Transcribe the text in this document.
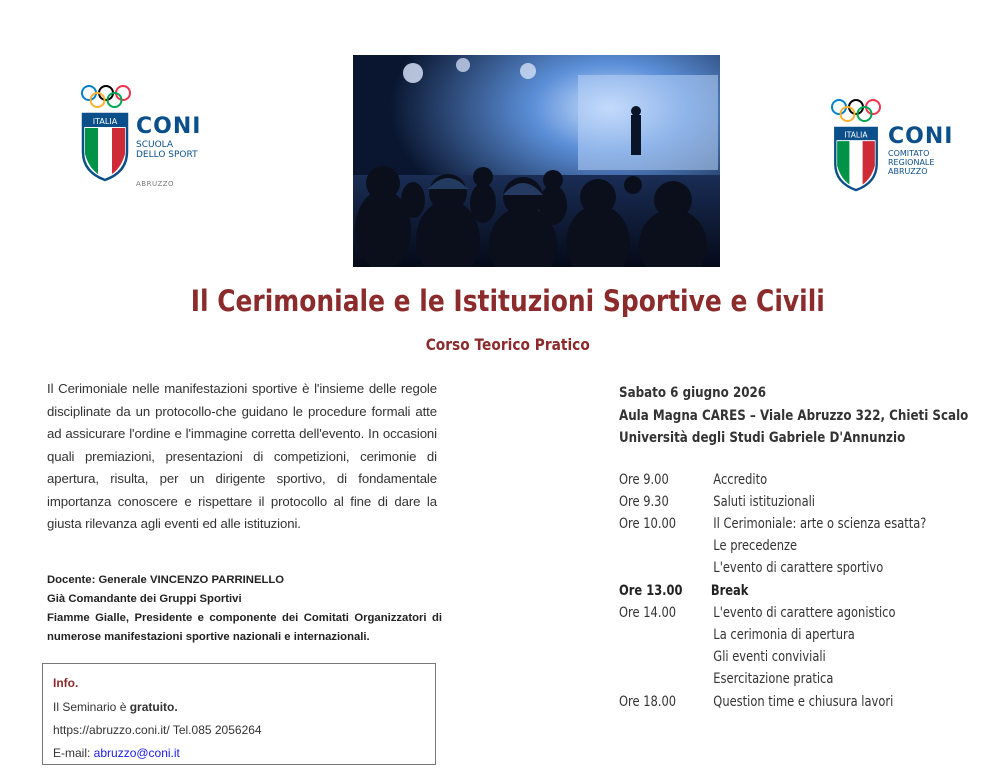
ITALIA CONI
SCUOLA
DELLO SPORT
ABRUZZO
ITALIA CONI
COMITATO
REGIONALE
ABRUZZO
Il Cerimoniale e le Istituzioni Sportive e Civili
Corso Teorico Pratico
Il Cerimoniale nelle manifestazioni sportive è l'insieme delle regole disciplinate da un protocollo-che guidano le procedure formali atte ad assicurare l'ordine e l'immagine corretta dell'evento. In occasioni quali premiazioni, presentazioni di competizioni, cerimonie di apertura, risulta, per un dirigente sportivo, di fondamentale importanza conoscere e rispettare il protocollo al fine di dare la giusta rilevanza agli eventi ed alle istituzioni.
Docente: Generale VINCENZO PARRINELLO
Già Comandante dei Gruppi Sportivi
Fiamme Gialle, Presidente e componente dei Comitati Organizzatori di numerose manifestazioni sportive nazionali e internazionali.
Info.
Il Seminario è gratuito.
https://abruzzo.coni.it/ Tel.085 2056264
E-mail: abruzzo@coni.it
Sabato 6 giugno 2026
Aula Magna CARES – Viale Abruzzo 322, Chieti Scalo
Università degli Studi Gabriele D'Annunzio
Ore 9.00	Accredito
Ore 9.30	Saluti istituzionali
Ore 10.00	Il Cerimoniale: arte o scienza esatta?
Le precedenze
L'evento di carattere sportivo
Ore 13.00 Break
Ore 14.00	L'evento di carattere agonistico
La cerimonia di apertura
Gli eventi conviviali
Esercitazione pratica
Ore 18.00	Question time e chiusura lavori
